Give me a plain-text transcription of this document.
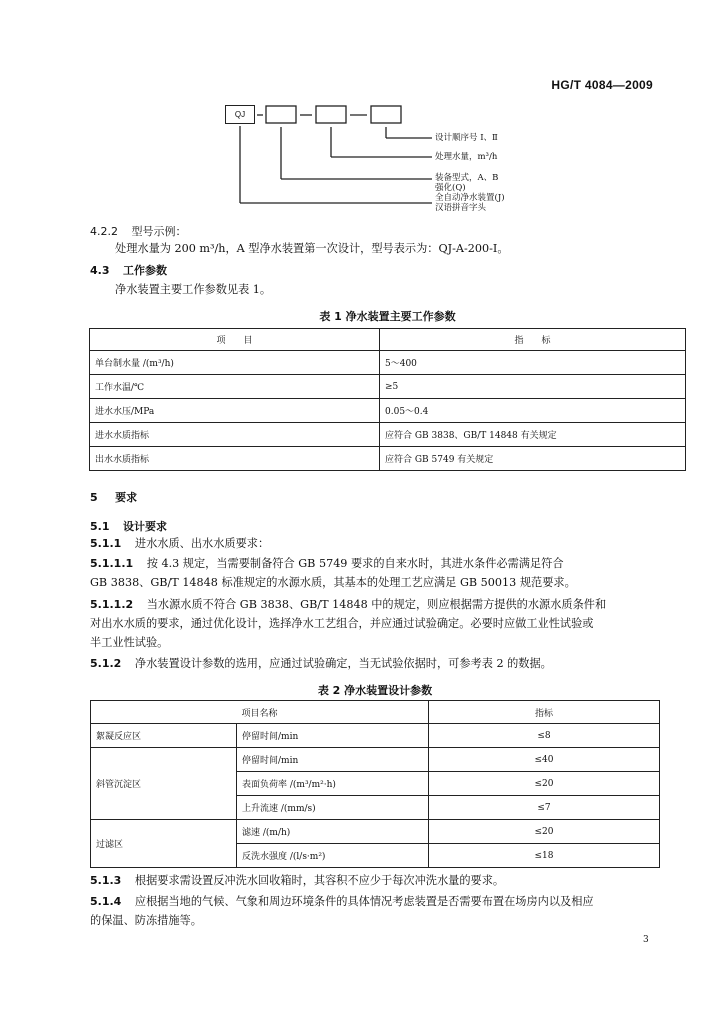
HG/T 4084—2009
QJ
设计顺序号 Ⅰ、Ⅱ
处理水量，m³/h
装备型式，A、B
强化(Q)
全自动净水装置(J)
汉语拼音字头
4.2.2 型号示例：
处理水量为 200 m³/h，A 型净水装置第一次设计，型号表示为：QJ-A-200-Ⅰ。
4.3 工作参数
净水装置主要工作参数见表 1。
表 1 净水装置主要工作参数
项　　目	指　　标
单台制水量 /(m³/h)	5～400
工作水温/℃	≥5
进水水压/MPa	0.05～0.4
进水水质指标	应符合 GB 3838、GB/T 14848 有关规定
出水水质指标	应符合 GB 5749 有关规定
5 要求
5.1 设计要求
5.1.1 进水水质、出水水质要求：
5.1.1.1 按 4.3 规定，当需要制备符合 GB 5749 要求的自来水时，其进水条件必需满足符合
GB 3838、GB/T 14848 标准规定的水源水质，其基本的处理工艺应满足 GB 50013 规范要求。
5.1.1.2 当水源水质不符合 GB 3838、GB/T 14848 中的规定，则应根据需方提供的水源水质条件和
对出水水质的要求，通过优化设计，选择净水工艺组合，并应通过试验确定。必要时应做工业性试验或
半工业性试验。
5.1.2 净水装置设计参数的选用，应通过试验确定，当无试验依据时，可参考表 2 的数据。
表 2 净水装置设计参数
项目名称		指标
絮凝反应区	停留时间/min	≤8
斜管沉淀区	停留时间/min	≤40
	表面负荷率 /(m³/m²·h)	≤20
	上升流速 /(mm/s)	≤7
过滤区	滤速 /(m/h)	≤20
	反洗水强度 /(l/s·m²)	≤18
5.1.3 根据要求需设置反冲洗水回收箱时，其容积不应少于每次冲洗水量的要求。
5.1.4 应根据当地的气候、气象和周边环境条件的具体情况考虑装置是否需要布置在场房内以及相应
的保温、防冻措施等。
3
